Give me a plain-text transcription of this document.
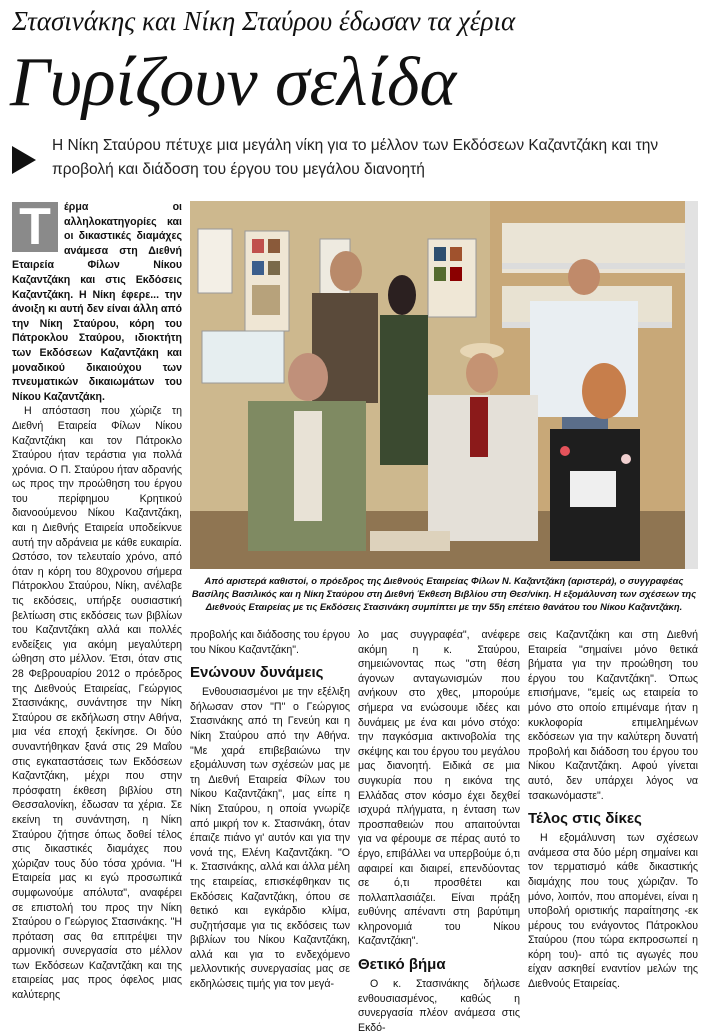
Στασινάκης και Νίκη Σταύρου έδωσαν τα χέρια
Γυρίζουν σελίδα
Η Νίκη Σταύρου πέτυχε μια μεγάλη νίκη για το μέλλον των Εκδόσεων Καζαντζάκη και την προβολή και διάδοση του έργου του μεγάλου διανοητή
Τ	έρμα οι αλληλοκατηγορίες και οι δικαστικές διαμάχες ανάμεσα στη Διεθνή Εταιρεία Φίλων Νίκου Καζαντζάκη και στις Εκδόσεις Καζαντζάκη. Η Νίκη έφερε... την άνοιξη κι αυτή δεν είναι άλλη από την Νίκη Σταύρου, κόρη του Πάτροκλου Σταύρου, ιδιοκτήτη των Εκδόσεων Καζαντζάκη και μοναδικού δικαιούχου των πνευματικών δικαιωμάτων του Νίκου Καζαντζάκη.

Η απόσταση που χώριζε τη Διεθνή Εταιρεία Φίλων Νίκου Καζαντζάκη και τον Πάτροκλο Σταύρου ήταν τεράστια για πολλά χρόνια. Ο Π. Σταύρου ήταν αδρανής ως προς την προώθηση του έργου του περίφημου Κρητικού διανοούμενου Νίκου Καζαντζάκη, και η Διεθνής Εταιρεία υποδείκνυε αυτή την αδράνεια με κάθε ευκαιρία. Ωστόσο, τον τελευταίο χρόνο, από όταν η κόρη του 80χρονου σήμερα Πάτροκλου Σταύρου, Νίκη, ανέλαβε τις εκδόσεις, υπήρξε ουσιαστική βελτίωση στις εκδόσεις των βιβλίων του Καζαντζάκη αλλά και πολλές ενδείξεις για ακόμη μεγαλύτερη ώθηση στο μέλλον. Έτσι, όταν στις 28 Φεβρουαρίου 2012 ο πρόεδρος της Διεθνούς Εταιρείας, Γεώργιος Στασινάκης, συνάντησε την Νίκη Σταύρου σε εκδήλωση στην Αθήνα, μια νέα εποχή ξεκίνησε. Οι δύο συναντήθηκαν ξανά στις 29 Μαΐου στις εγκαταστάσεις των Εκδόσεων Καζαντζάκη, μέχρι που στην πρόσφατη έκθεση βιβλίου στη Θεσσαλονίκη, έδωσαν τα χέρια. Σε εκείνη τη συνάντηση, η Νίκη Σταύρου ζήτησε όπως δοθεί τέλος στις δικαστικές διαμάχες που χώριζαν τους δύο τόσα χρόνια. "Η Εταιρεία μας κι εγώ προσωπικά συμφωνούμε απόλυτα", αναφέρει σε επιστολή του προς την Νίκη Σταύρου ο Γεώργιος Στασινάκης. "Η πρόταση σας θα επιτρέψει την αρμονική συνεργασία στο μέλλον των Εκδόσεων Καζαντζάκη και της εταιρείας μας προς όφελος μιας καλύτερης

Από αριστερά καθιστοί, ο πρόεδρος της Διεθνούς Εταιρείας Φίλων Ν. Καζαντζάκη (αριστερά), ο συγγραφέας Βασίλης Βασιλικός και η Νίκη Σταύρου στη Διεθνή Έκθεση Βιβλίου στη Θεσ/νίκη. Η εξομάλυνση των σχέσεων της Διεθνούς Εταιρείας με τις Εκδόσεις Στασινάκη συμπίπτει με την 55η επέτειο θανάτου του Νίκου Καζαντζάκη.

προβολής και διάδοσης του έργου του Νίκου Καζαντζάκη".

Ενώνουν δυνάμεις

Ενθουσιασμένοι με την εξέλιξη δήλωσαν στον "Π" ο Γεώργιος Στασινάκης από τη Γενεύη και η Νίκη Σταύρου από την Αθήνα. "Με χαρά επιβεβαιώνω την εξομάλυνση των σχέσεών μας με τη Διεθνή Εταιρεία Φίλων του Νίκου Καζαντζάκη", μας είπε η Νίκη Σταύρου, η οποία γνωρίζε από μικρή τον κ. Στασινάκη, όταν έπαιζε πιάνο γι' αυτόν και για την νονά της, Ελένη Καζαντζάκη. "Ο κ. Στασινάκης, αλλά και άλλα μέλη της εταιρείας, επισκέφθηκαν τις Εκδόσεις Καζαντζάκη, όπου σε θετικό και εγκάρδιο κλίμα, συζητήσαμε για τις εκδόσεις των βιβλίων του Νίκου Καζαντζάκη, αλλά και για το ενδεχόμενο μελλοντικής συνεργασίας μας σε εκδηλώσεις τιμής για τον μεγά-

λο μας συγγραφέα", ανέφερε ακόμη η κ. Σταύρου, σημειώνοντας πως "στη θέση άγονων ανταγωνισμών που ανήκουν στο χθες, μπορούμε σήμερα να ενώσουμε ιδέες και δυνάμεις με ένα και μόνο στόχο: την παγκόσμια ακτινοβολία της σκέψης και του έργου του μεγάλου μας διανοητή. Ειδικά σε μια συγκυρία που η εικόνα της Ελλάδας στον κόσμο έχει δεχθεί ισχυρά πλήγματα, η ένταση των προσπαθειών που απαιτούνται για να φέρουμε σε πέρας αυτό το έργο, επιβάλλει να υπερβούμε ό,τι αφαιρεί και διαιρεί, επενδύοντας σε ό,τι προσθέτει και πολλαπλασιάζει. Είναι πράξη ευθύνης απέναντι στη βαρύτιμη κληρονομιά του Νίκου Καζαντζάκη".

Θετικό βήμα

Ο κ. Στασινάκης δήλωσε ενθουσιασμένος, καθώς η συνεργασία πλέον ανάμεσα στις Εκδό-

σεις Καζαντζάκη και στη Διεθνή Εταιρεία "σημαίνει μόνο θετικά βήματα για την προώθηση του έργου του Καζαντζάκη". Όπως επισήμανε, "εμείς ως εταιρεία το μόνο στο οποίο επιμέναμε ήταν η κυκλοφορία επιμελημένων εκδόσεων για την καλύτερη δυνατή προβολή και διάδοση του έργου του Νίκου Καζαντζάκη. Αφού γίνεται αυτό, δεν υπάρχει λόγος να τσακωνόμαστε".

Τέλος στις δίκες

Η εξομάλυνση των σχέσεων ανάμεσα στα δύο μέρη σημαίνει και τον τερματισμό κάθε δικαστικής διαμάχης που τους χώριζαν. Το μόνο, λοιπόν, που απομένει, είναι η υποβολή οριστικής παραίτησης -εκ μέρους του ενάγοντος Πάτροκλου Σταύρου (που τώρα εκπροσωπεί η κόρη του)- από τις αγωγές που είχαν ασκηθεί εναντίον μελών της Διεθνούς Εταιρείας.
